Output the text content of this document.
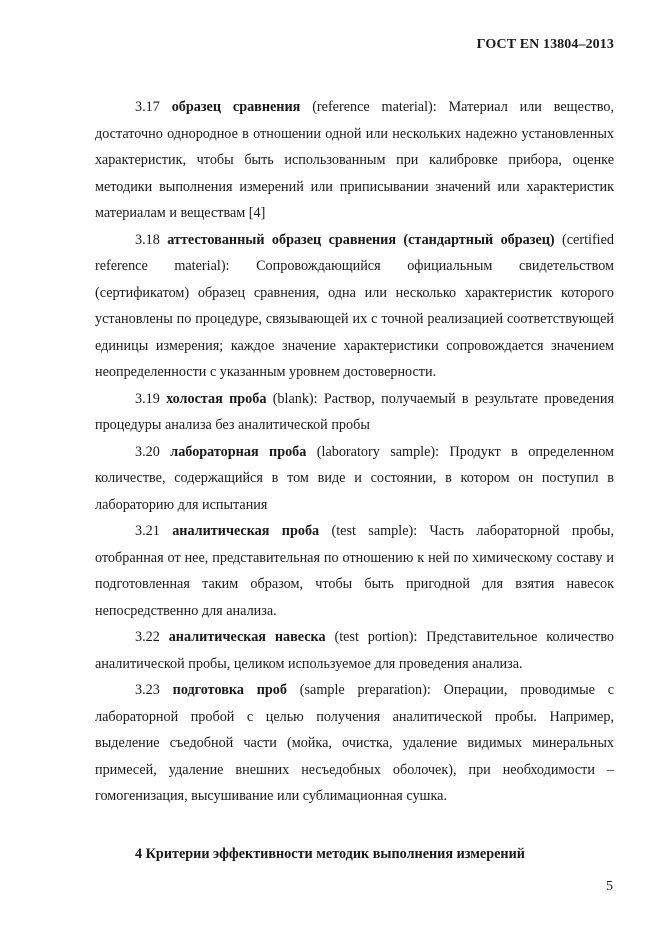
ГОСТ EN 13804–2013

3.17 образец сравнения (reference material): Материал или вещество, достаточно однородное в отношении одной или нескольких надежно установленных характеристик, чтобы быть использованным при калибровке прибора, оценке методики выполнения измерений или приписывании значений или характеристик материалам и веществам [4]

3.18 аттестованный образец сравнения (стандартный образец) (certified reference material): Сопровождающийся официальным свидетельством (сертификатом) образец сравнения, одна или несколько характеристик которого установлены по процедуре, связывающей их с точной реализацией соответствующей единицы измерения; каждое значение характеристики сопровождается значением неопределенности с указанным уровнем достоверности.

3.19 холостая проба (blank): Раствор, получаемый в результате проведения процедуры анализа без аналитической пробы

3.20 лабораторная проба (laboratory sample): Продукт в определенном количестве, содержащийся в том виде и состоянии, в котором он поступил в лабораторию для испытания

3.21 аналитическая проба (test sample): Часть лабораторной пробы, отобранная от нее, представительная по отношению к ней по химическому составу и подготовленная таким образом, чтобы быть пригодной для взятия навесок непосредственно для анализа.

3.22 аналитическая навеска (test portion): Представительное количество аналитической пробы, целиком используемое для проведения анализа.

3.23 подготовка проб (sample preparation): Операции, проводимые с лабораторной пробой с целью получения аналитической пробы. Например, выделение съедобной части (мойка, очистка, удаление видимых минеральных примесей, удаление внешних несъедобных оболочек), при необходимости – гомогенизация, высушивание или сублимационная сушка.

4 Критерии эффективности методик выполнения измерений
5
